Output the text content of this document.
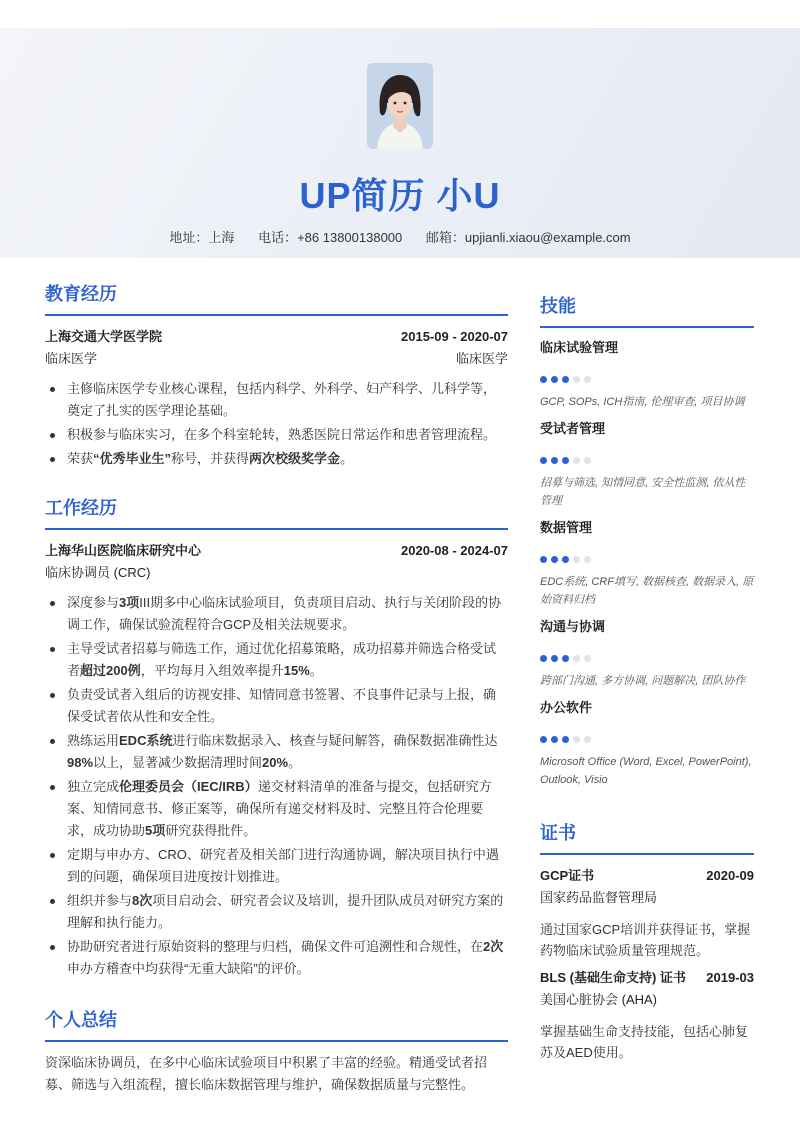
UP简历 小U
地址：上海 电话：+86 13800138000 邮箱：upjianli.xiaou@example.com
教育经历
上海交通大学医学院	2015-09 - 2020-07
临床医学	临床医学
主修临床医学专业核心课程，包括内科学、外科学、妇产科学、儿科学等，奠定了扎实的医学理论基础。
积极参与临床实习，在多个科室轮转，熟悉医院日常运作和患者管理流程。
荣获“优秀毕业生”称号，并获得两次校级奖学金。
工作经历
上海华山医院临床研究中心	2020-08 - 2024-07
临床协调员 (CRC)
深度参与3项III期多中心临床试验项目，负责项目启动、执行与关闭阶段的协调工作，确保试验流程符合GCP及相关法规要求。
主导受试者招募与筛选工作，通过优化招募策略，成功招募并筛选合格受试者超过200例，平均每月入组效率提升15%。
负责受试者入组后的访视安排、知情同意书签署、不良事件记录与上报，确保受试者依从性和安全性。
熟练运用EDC系统进行临床数据录入、核查与疑问解答，确保数据准确性达98%以上，显著减少数据清理时间20%。
独立完成伦理委员会（IEC/IRB）递交材料清单的准备与提交，包括研究方案、知情同意书、修正案等，确保所有递交材料及时、完整且符合伦理要求，成功协助5项研究获得批件。
定期与申办方、CRO、研究者及相关部门进行沟通协调，解决项目执行中遇到的问题，确保项目进度按计划推进。
组织并参与8次项目启动会、研究者会议及培训，提升团队成员对研究方案的理解和执行能力。
协助研究者进行原始资料的整理与归档，确保文件可追溯性和合规性，在2次申办方稽查中均获得“无重大缺陷”的评价。
个人总结
资深临床协调员，在多中心临床试验项目中积累了丰富的经验。精通受试者招募、筛选与入组流程，擅长临床数据管理与维护，确保数据质量与完整性。
技能
临床试验管理
GCP, SOPs, ICH指南, 伦理审查, 项目协调
受试者管理
招募与筛选, 知情同意, 安全性监测, 依从性管理
数据管理
EDC系统, CRF填写, 数据核查, 数据录入, 原始资料归档
沟通与协调
跨部门沟通, 多方协调, 问题解决, 团队协作
办公软件
Microsoft Office (Word, Excel, PowerPoint), Outlook, Visio
证书
GCP证书	2020-09
国家药品监督管理局
通过国家GCP培训并获得证书，掌握药物临床试验质量管理规范。
BLS (基础生命支持) 证书 2019-03
美国心脏协会 (AHA)
掌握基础生命支持技能，包括心肺复苏及AED使用。
